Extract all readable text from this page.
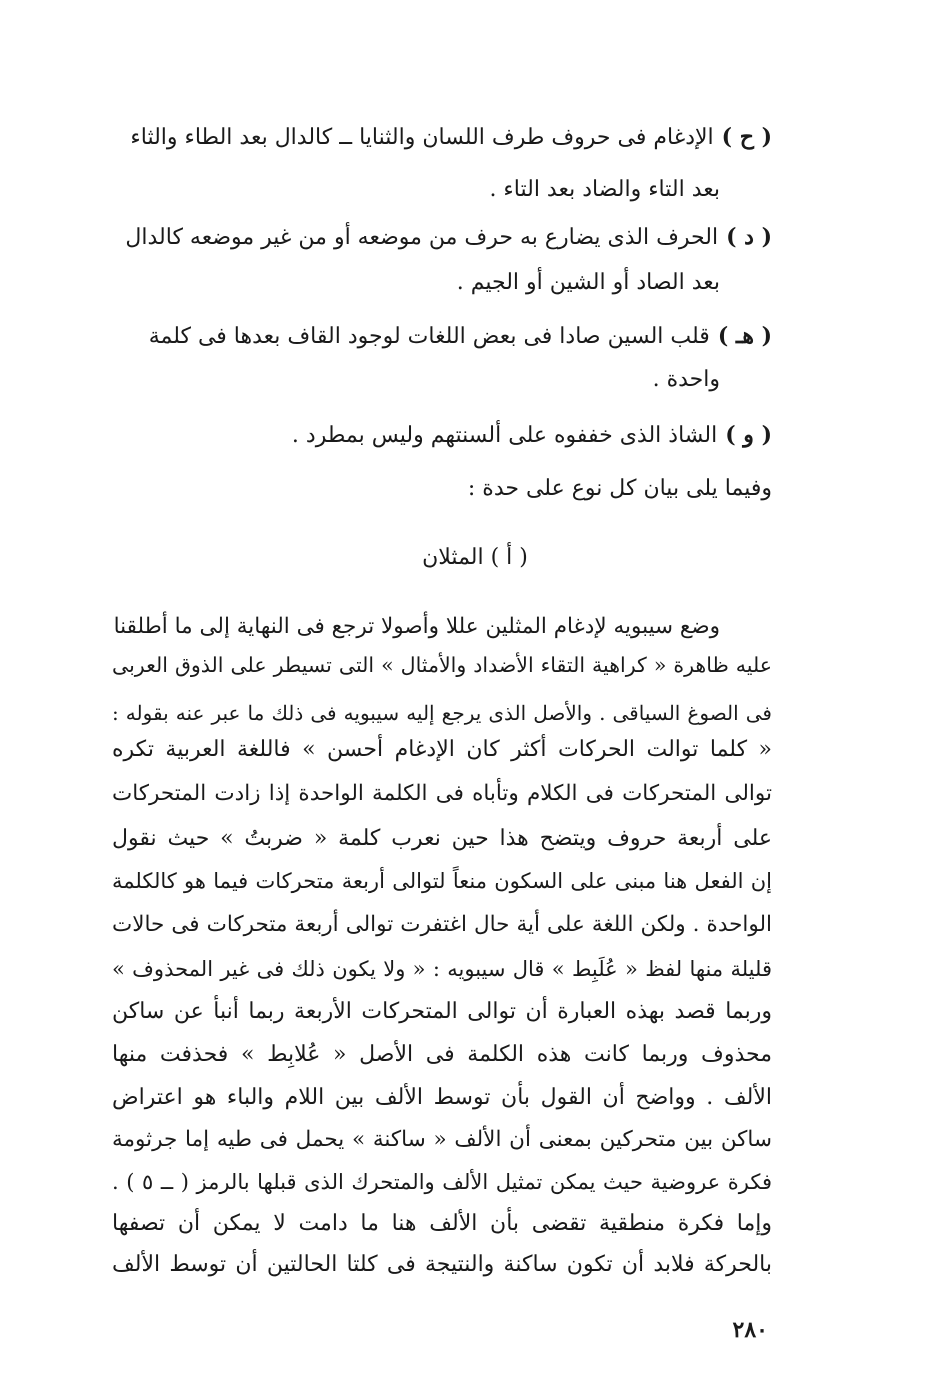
( ح )الإدغام فى حروف طرف اللسان والثنايا ــ كالدال بعد الطاء والثاء
بعد التاء والضاد بعد التاء .
( د )الحرف الذى يضارع به حرف من موضعه أو من غير موضعه كالدال
بعد الصاد أو الشين أو الجيم .
( هـ )قلب السين صادا فى بعض اللغات لوجود القاف بعدها فى كلمة
واحدة .
( و )الشاذ الذى خففوه على ألسنتهم وليس بمطرد .
وفيما يلى بيان كل نوع على حدة :
( أ ) المثلان
وضع سيبويه لإدغام المثلين عللا وأصولا ترجع فى النهاية إلى ما أطلقنا
عليه ظاهرة « كراهية التقاء الأضداد والأمثال » التى تسيطر على الذوق العربى
فى الصوغ السياقى . والأصل الذى يرجع إليه سيبويه فى ذلك ما عبر عنه بقوله :
« كلما توالت الحركات أكثر كان الإدغام أحسن » فاللغة العربية تكره
توالى المتحركات فى الكلام وتأباه فى الكلمة الواحدة إذا زادت المتحركات
على أربعة حروف ويتضح هذا حين نعرب كلمة « ضربتُ » حيث نقول
إن الفعل هنا مبنى على السكون منعاً لتوالى أربعة متحركات فيما هو كالكلمة
الواحدة . ولكن اللغة على أية حال اغتفرت توالى أربعة متحركات فى حالات
قليلة منها لفظ « عُلَبِط » قال سيبويه : « ولا يكون ذلك فى غير المحذوف »
وربما قصد بهذه العبارة أن توالى المتحركات الأربعة ربما أنبأ عن ساكن
محذوف وربما كانت هذه الكلمة فى الأصل « عُلابِط » فحذفت منها
الألف . وواضح أن القول بأن توسط الألف بين اللام والباء هو اعتراض
ساكن بين متحركين بمعنى أن الألف « ساكنة » يحمل فى طيه إما جرثومة
فكرة عروضية حيث يمكن تمثيل الألف والمتحرك الذى قبلها بالرمز ( ــ ٥ ) .
وإما فكرة منطقية تقضى بأن الألف هنا ما دامت لا يمكن أن تصفها
بالحركة فلابد أن تكون ساكنة والنتيجة فى كلتا الحالتين أن توسط الألف
٢٨٠
